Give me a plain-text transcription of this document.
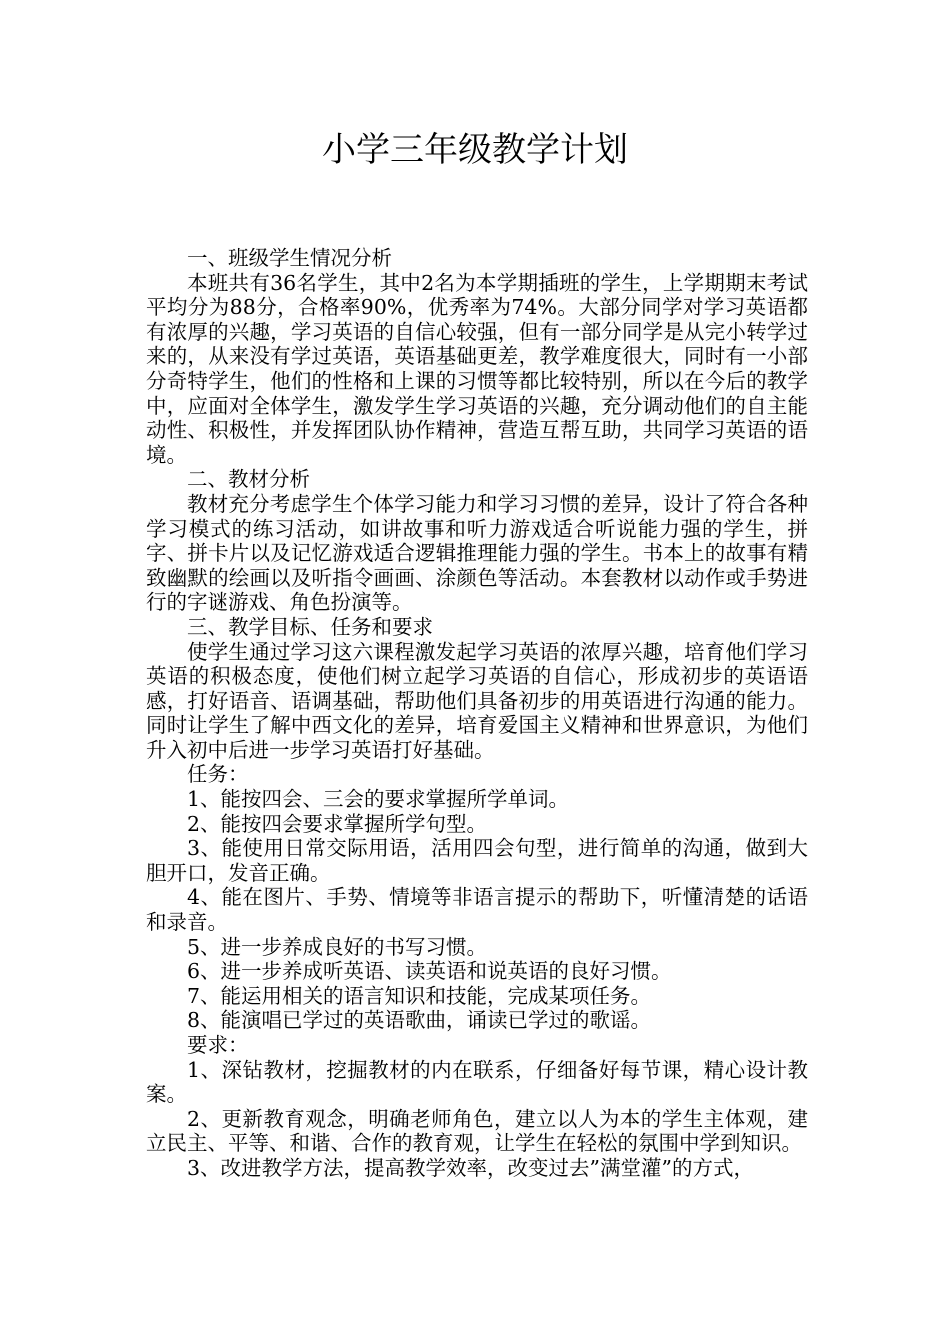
小学三年级教学计划

一、班级学生情况分析

本班共有36名学生，其中2名为本学期插班的学生，上学期期末考试平均分为88分，合格率90%，优秀率为74%。大部分同学对学习英语都有浓厚的兴趣，学习英语的自信心较强，但有一部分同学是从完小转学过来的，从来没有学过英语，英语基础更差，教学难度很大，同时有一小部分奇特学生，他们的性格和上课的习惯等都比较特别，所以在今后的教学中，应面对全体学生，激发学生学习英语的兴趣，充分调动他们的自主能动性、积极性，并发挥团队协作精神，营造互帮互助，共同学习英语的语境。

二、教材分析

教材充分考虑学生个体学习能力和学习习惯的差异，设计了符合各种学习模式的练习活动，如讲故事和听力游戏适合听说能力强的学生，拼字、拼卡片以及记忆游戏适合逻辑推理能力强的学生。书本上的故事有精致幽默的绘画以及听指令画画、涂颜色等活动。本套教材以动作或手势进行的字谜游戏、角色扮演等。

三、教学目标、任务和要求

使学生通过学习这六课程激发起学习英语的浓厚兴趣，培育他们学习英语的积极态度，使他们树立起学习英语的自信心，形成初步的英语语感，打好语音、语调基础，帮助他们具备初步的用英语进行沟通的能力。同时让学生了解中西文化的差异，培育爱国主义精神和世界意识，为他们升入初中后进一步学习英语打好基础。

任务：

1、能按四会、三会的要求掌握所学单词。

2、能按四会要求掌握所学句型。

3、能使用日常交际用语，活用四会句型，进行简单的沟通，做到大胆开口，发音正确。

4、能在图片、手势、情境等非语言提示的帮助下，听懂清楚的话语和录音。

5、进一步养成良好的书写习惯。

6、进一步养成听英语、读英语和说英语的良好习惯。

7、能运用相关的语言知识和技能，完成某项任务。

8、能演唱已学过的英语歌曲，诵读已学过的歌谣。

要求：

1、深钻教材，挖掘教材的内在联系，仔细备好每节课，精心设计教案。

2、更新教育观念，明确老师角色，建立以人为本的学生主体观，建立民主、平等、和谐、合作的教育观，让学生在轻松的氛围中学到知识。

3、改进教学方法，提高教学效率，改变过去”满堂灌”的方式，
